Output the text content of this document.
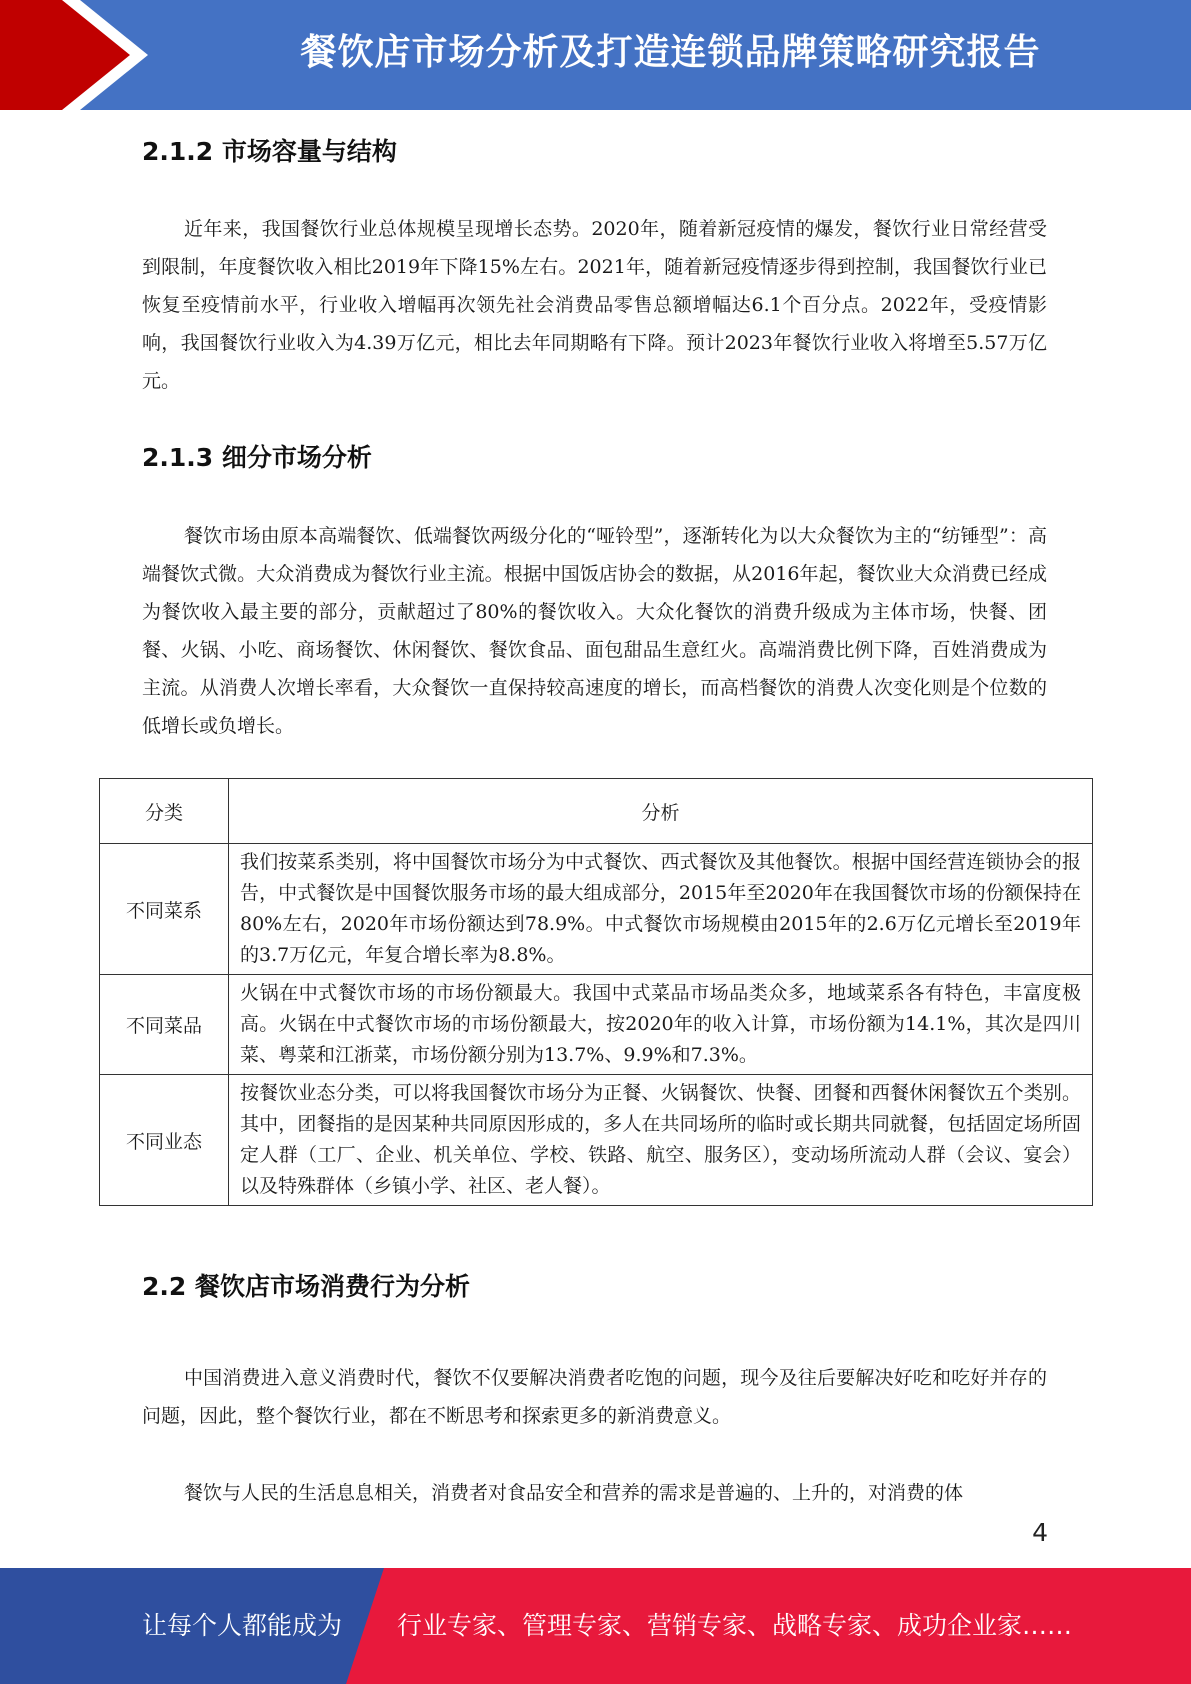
餐饮店市场分析及打造连锁品牌策略研究报告
2.1.2 市场容量与结构

近年来，我国餐饮行业总体规模呈现增长态势。2020年，随着新冠疫情的爆发，餐饮行业日常经营受到限制，年度餐饮收入相比2019年下降15%左右。2021年，随着新冠疫情逐步得到控制，我国餐饮行业已恢复至疫情前水平，行业收入增幅再次领先社会消费品零售总额增幅达6.1个百分点。2022年，受疫情影响，我国餐饮行业收入为4.39万亿元，相比去年同期略有下降。预计2023年餐饮行业收入将增至5.57万亿元。

2.1.3 细分市场分析

餐饮市场由原本高端餐饮、低端餐饮两级分化的“哑铃型”，逐渐转化为以大众餐饮为主的“纺锤型”：高端餐饮式微。大众消费成为餐饮行业主流。根据中国饭店协会的数据，从2016年起，餐饮业大众消费已经成为餐饮收入最主要的部分，贡献超过了80%的餐饮收入。大众化餐饮的消费升级成为主体市场，快餐、团餐、火锅、小吃、商场餐饮、休闲餐饮、餐饮食品、面包甜品生意红火。高端消费比例下降，百姓消费成为主流。从消费人次增长率看，大众餐饮一直保持较高速度的增长，而高档餐饮的消费人次变化则是个位数的低增长或负增长。

分类	分析
不同菜系	我们按菜系类别，将中国餐饮市场分为中式餐饮、西式餐饮及其他餐饮。根据中国经营连锁协会的报告，中式餐饮是中国餐饮服务市场的最大组成部分，2015年至2020年在我国餐饮市场的份额保持在80%左右，2020年市场份额达到78.9%。中式餐饮市场规模由2015年的2.6万亿元增长至2019年的3.7万亿元，年复合增长率为8.8%。
不同菜品	火锅在中式餐饮市场的市场份额最大。我国中式菜品市场品类众多，地域菜系各有特色，丰富度极高。火锅在中式餐饮市场的市场份额最大，按2020年的收入计算，市场份额为14.1%，其次是四川菜、粤菜和江浙菜，市场份额分别为13.7%、9.9%和7.3%。
不同业态	按餐饮业态分类，可以将我国餐饮市场分为正餐、火锅餐饮、快餐、团餐和西餐休闲餐饮五个类别。其中，团餐指的是因某种共同原因形成的，多人在共同场所的临时或长期共同就餐，包括固定场所固定人群（工厂、企业、机关单位、学校、铁路、航空、服务区），变动场所流动人群（会议、宴会）以及特殊群体（乡镇小学、社区、老人餐）。
2.2 餐饮店市场消费行为分析

中国消费进入意义消费时代，餐饮不仅要解决消费者吃饱的问题，现今及往后要解决好吃和吃好并存的问题，因此，整个餐饮行业，都在不断思考和探索更多的新消费意义。

餐饮与人民的生活息息相关，消费者对食品安全和营养的需求是普遍的、上升的，对消费的体

4
让每个人都能成为 行业专家、管理专家、营销专家、战略专家、成功企业家……
